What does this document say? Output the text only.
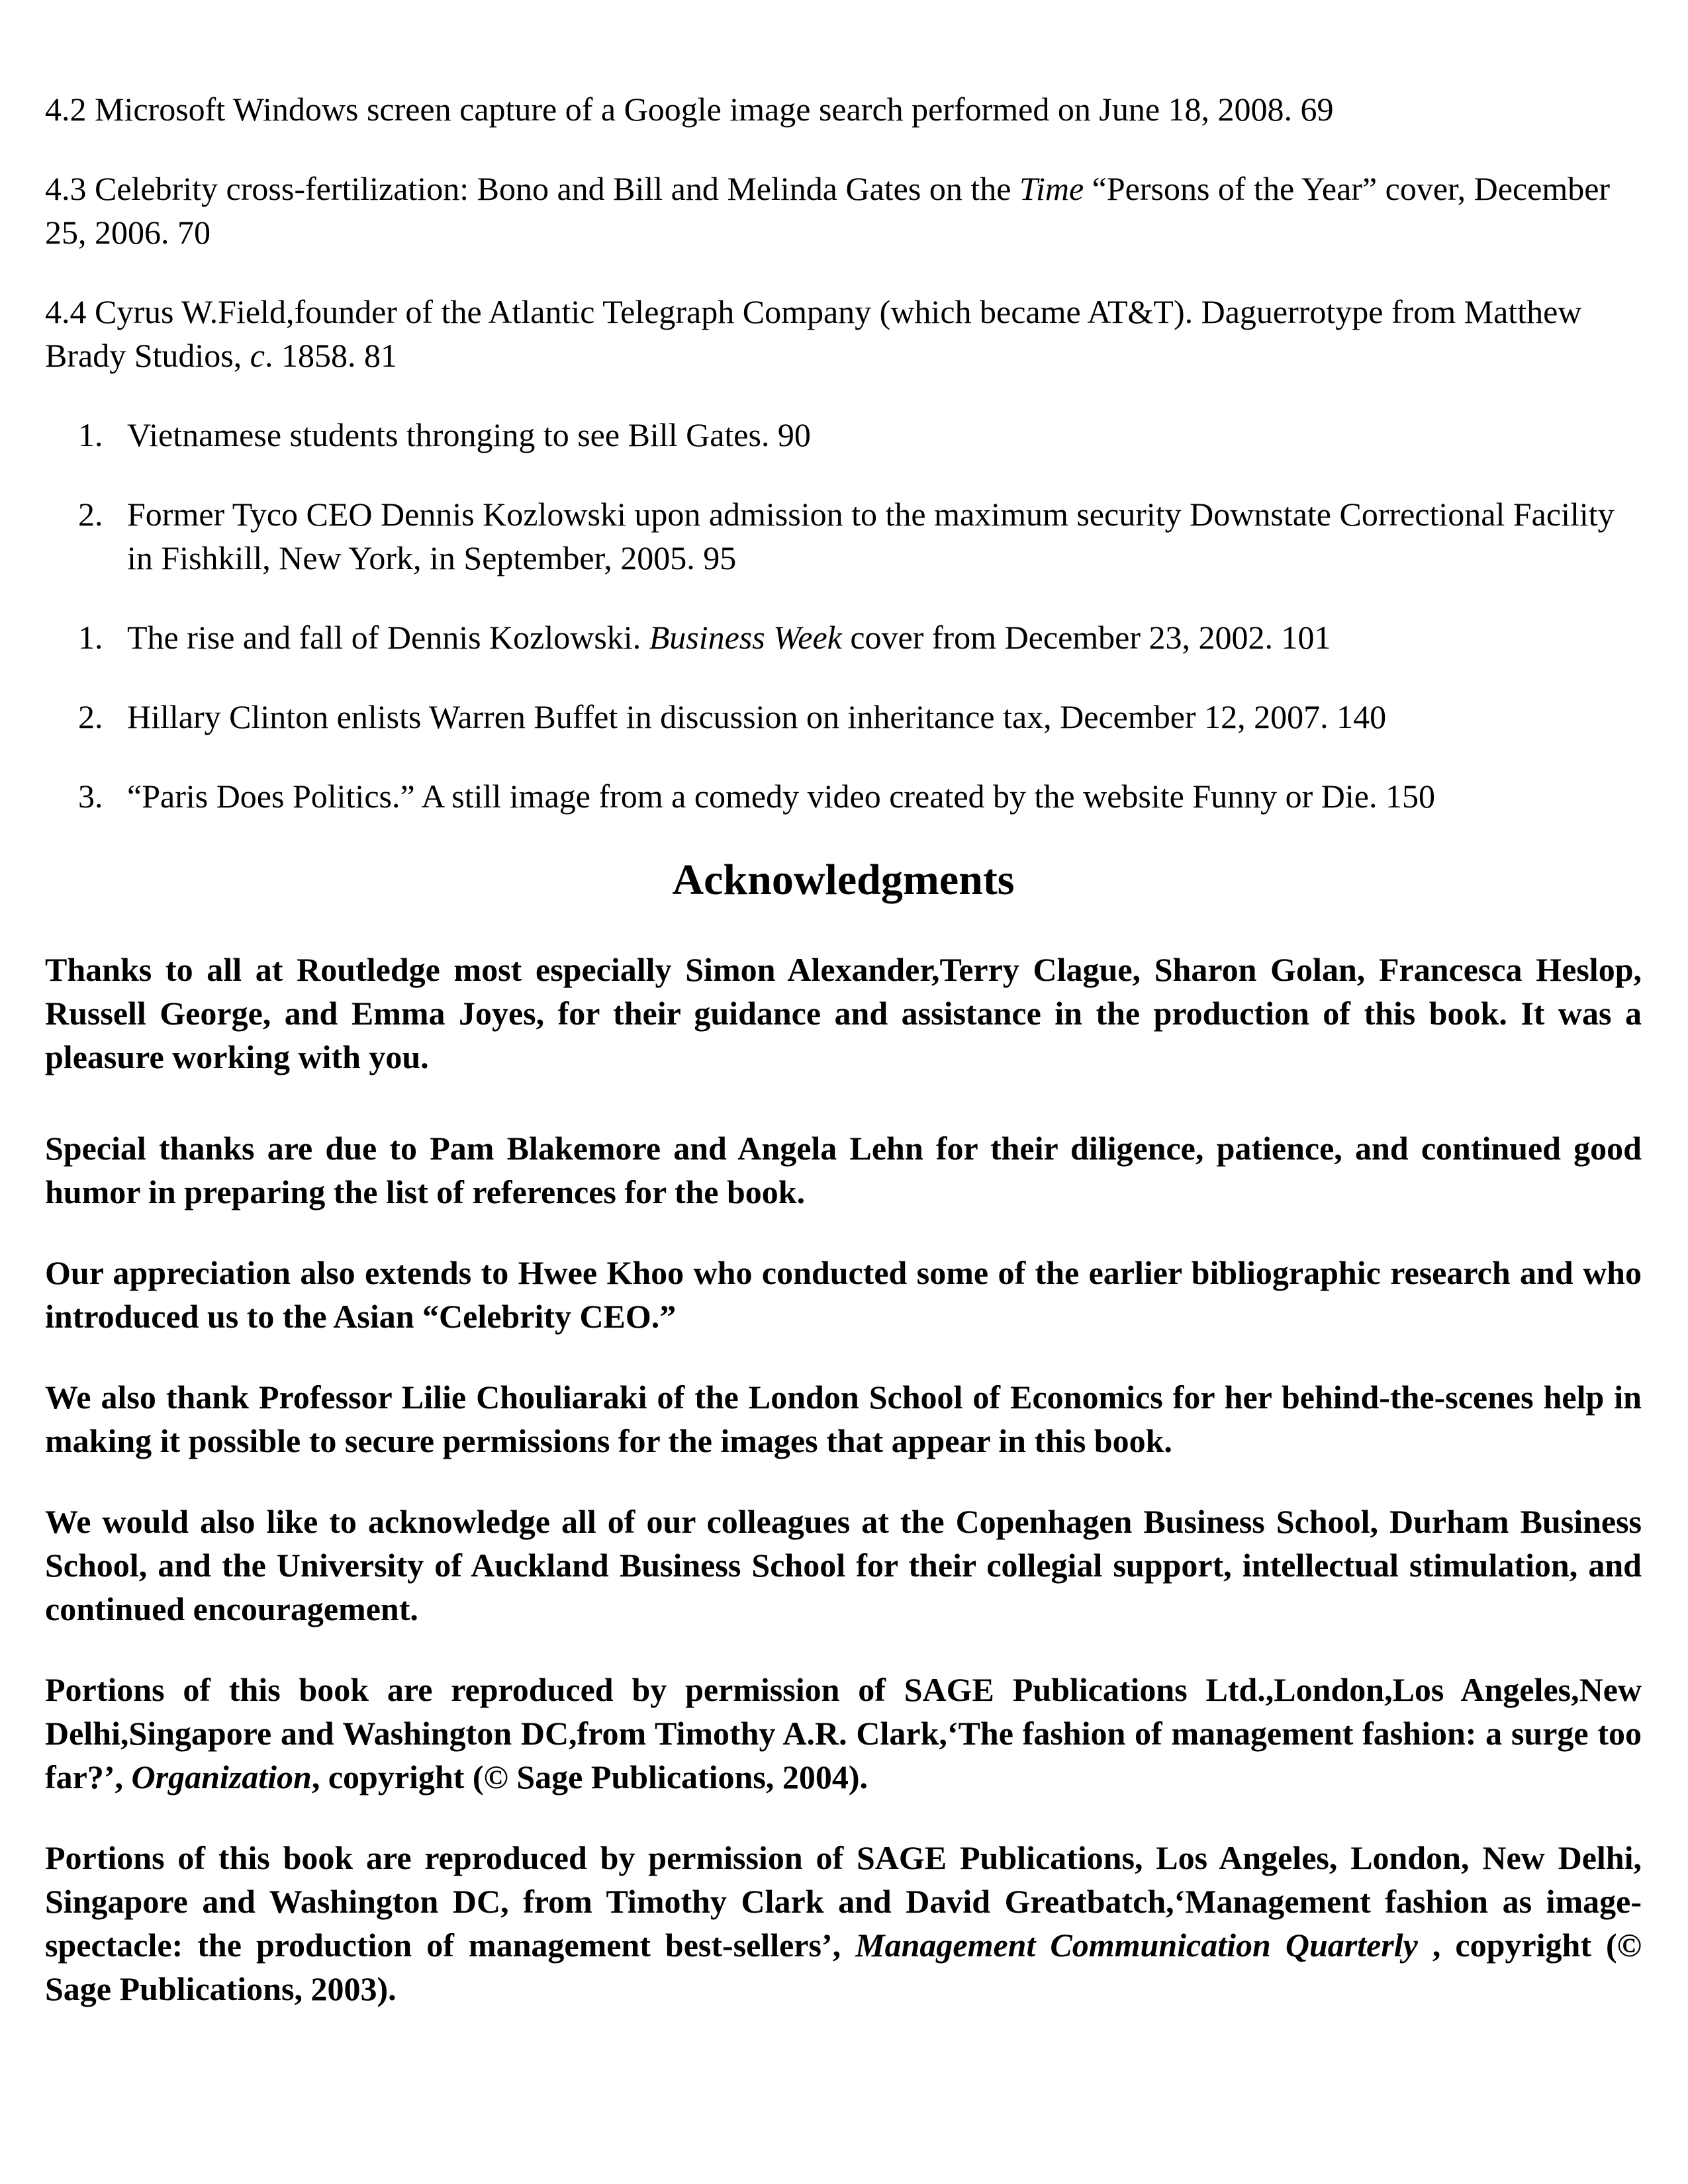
4.2 Microsoft Windows screen capture of a Google image search performed on June 18, 2008. 69

4.3 Celebrity cross-fertilization: Bono and Bill and Melinda Gates on the Time “Persons of the Year” cover, December 25, 2006. 70

4.4 Cyrus W.Field,founder of the Atlantic Telegraph Company (which became AT&T). Daguerrotype from Matthew Brady Studios, c. 1858. 81

1. Vietnamese students thronging to see Bill Gates. 90
2. Former Tyco CEO Dennis Kozlowski upon admission to the maximum security Downstate Correctional Facility in Fishkill, New York, in September, 2005. 95
1. The rise and fall of Dennis Kozlowski. Business Week cover from December 23, 2002. 101
2. Hillary Clinton enlists Warren Buffet in discussion on inheritance tax, December 12, 2007. 140
3. “Paris Does Politics.” A still image from a comedy video created by the website Funny or Die. 150
Acknowledgments

Thanks to all at Routledge most especially Simon Alexander,Terry Clague, Sharon Golan, Francesca Heslop, Russell George, and Emma Joyes, for their guidance and assistance in the production of this book. It was a pleasure working with you.

Special thanks are due to Pam Blakemore and Angela Lehn for their diligence, patience, and continued good humor in preparing the list of references for the book.

Our appreciation also extends to Hwee Khoo who conducted some of the earlier bibliographic research and who introduced us to the Asian “Celebrity CEO.”

We also thank Professor Lilie Chouliaraki of the London School of Economics for her behind-the-scenes help in making it possible to secure permissions for the images that appear in this book.

We would also like to acknowledge all of our colleagues at the Copenhagen Business School, Durham Business School, and the University of Auckland Business School for their collegial support, intellectual stimulation, and continued encouragement.

Portions of this book are reproduced by permission of SAGE Publications Ltd.,London,Los Angeles,New Delhi,Singapore and Washington DC,from Timothy A.R. Clark,‘The fashion of management fashion: a surge too far?’, Organization, copyright (© Sage Publications, 2004).

Portions of this book are reproduced by permission of SAGE Publications, Los Angeles, London, New Delhi, Singapore and Washington DC, from Timothy Clark and David Greatbatch,‘Management fashion as image-spectacle: the production of management best-sellers’, Management Communication Quarterly , copyright (© Sage Publications, 2003).
